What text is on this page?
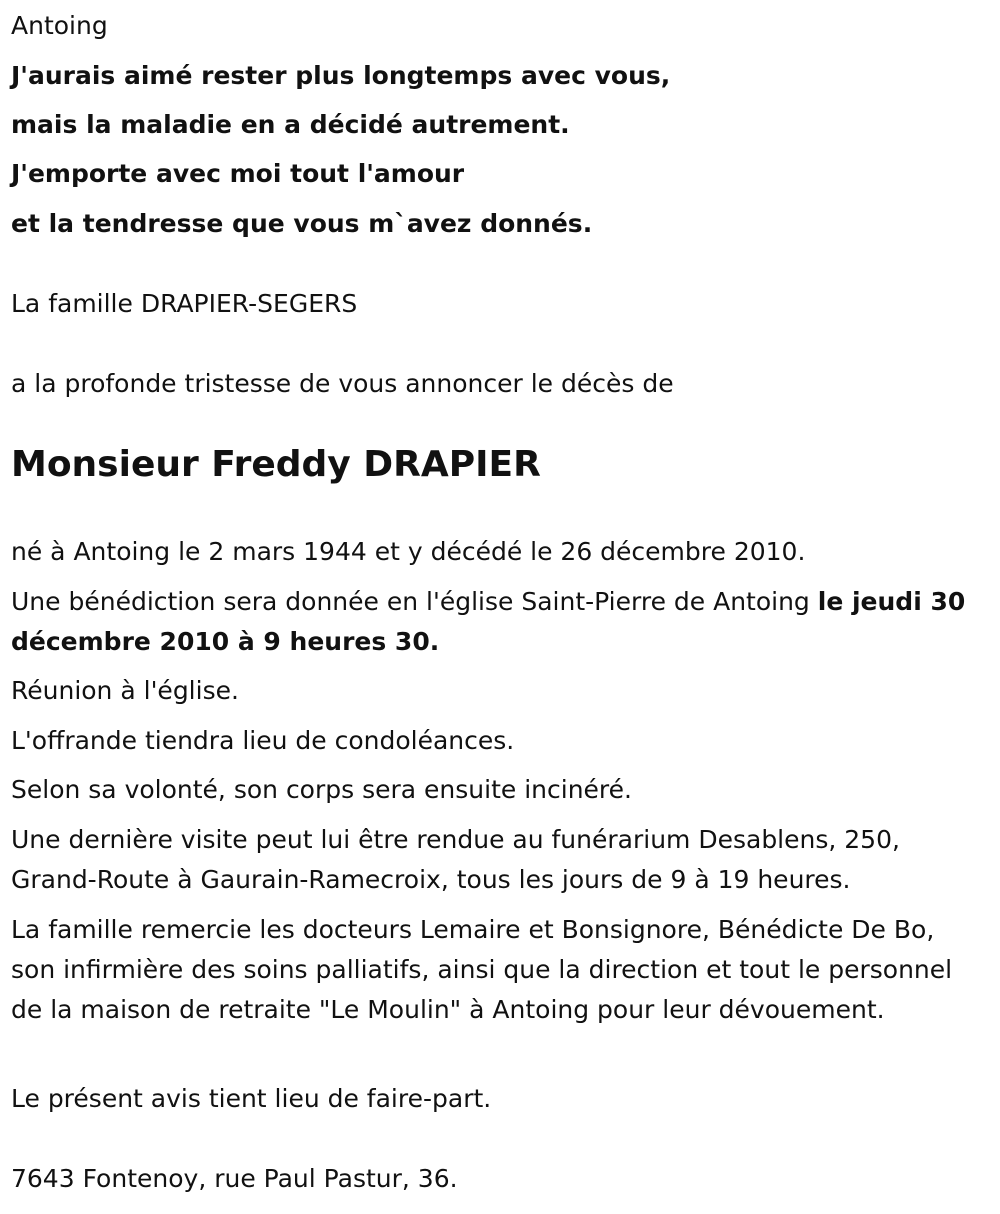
Antoing

J'aurais aimé rester plus longtemps avec vous,

mais la maladie en a décidé autrement.

J'emporte avec moi tout l'amour

et la tendresse que vous m`avez donnés.

La famille DRAPIER-SEGERS

a la profonde tristesse de vous annoncer le décès de

Monsieur Freddy DRAPIER

né à Antoing le 2 mars 1944 et y décédé le 26 décembre 2010.

Une bénédiction sera donnée en l'église Saint-Pierre de Antoing le jeudi 30 décembre 2010 à 9 heures 30.

Réunion à l'église.

L'offrande tiendra lieu de condoléances.

Selon sa volonté, son corps sera ensuite incinéré.

Une dernière visite peut lui être rendue au funérarium Desablens, 250, Grand-Route à Gaurain-Ramecroix, tous les jours de 9 à 19 heures.

La famille remercie les docteurs Lemaire et Bonsignore, Bénédicte De Bo, son infirmière des soins palliatifs, ainsi que la direction et tout le personnel de la maison de retraite "Le Moulin" à Antoing pour leur dévouement.

Le présent avis tient lieu de faire-part.

7643 Fontenoy, rue Paul Pastur, 36.
